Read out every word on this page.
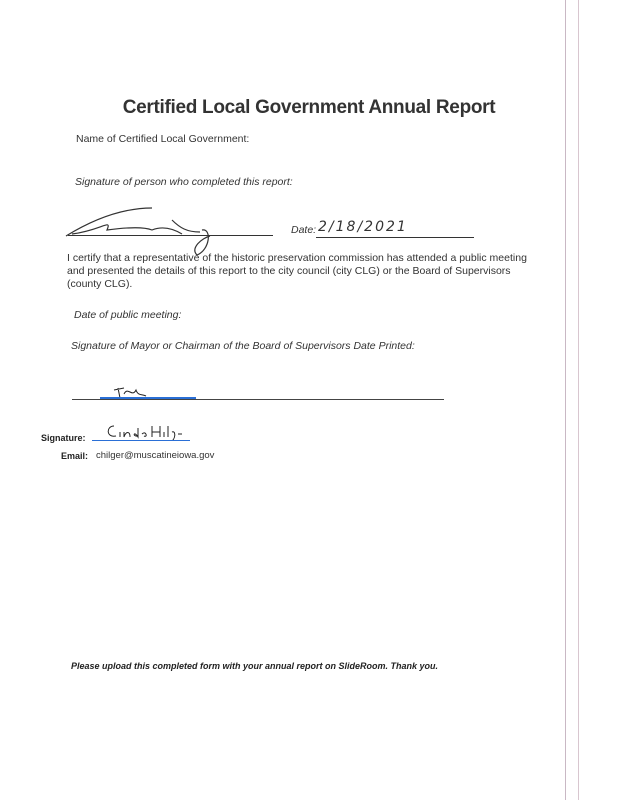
Certified Local Government Annual Report
Name of Certified Local Government:
Signature of person who completed this report:
Date: 2/18/2021
I certify that a representative of the historic preservation commission has attended a public meeting and presented the details of this report to the city council (city CLG) or the Board of Supervisors (county CLG).
Date of public meeting:
Signature of Mayor or Chairman of the Board of Supervisors Date Printed:
Signature:
Email: chilger@muscatineiowa.gov
Please upload this completed form with your annual report on SlideRoom. Thank you.
